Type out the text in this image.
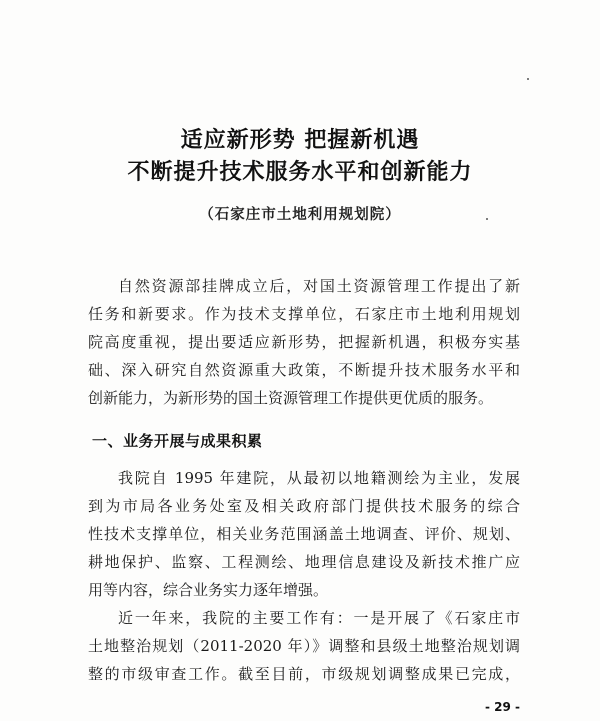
适应新形势 把握新机遇
不断提升技术服务水平和创新能力
（石家庄市土地利用规划院）
自然资源部挂牌成立后，对国土资源管理工作提出了新
任务和新要求。作为技术支撑单位，石家庄市土地利用规划
院高度重视，提出要适应新形势，把握新机遇，积极夯实基
础、深入研究自然资源重大政策，不断提升技术服务水平和
创新能力，为新形势的国土资源管理工作提供更优质的服务。
一、业务开展与成果积累
我院自 1995 年建院，从最初以地籍测绘为主业，发展
到为市局各业务处室及相关政府部门提供技术服务的综合
性技术支撑单位，相关业务范围涵盖土地调查、评价、规划、
耕地保护、监察、工程测绘、地理信息建设及新技术推广应
用等内容，综合业务实力逐年增强。
近一年来，我院的主要工作有：一是开展了《石家庄市
土地整治规划（2011-2020 年）》调整和县级土地整治规划调
整的市级审查工作。截至目前，市级规划调整成果已完成，
- 29 -
